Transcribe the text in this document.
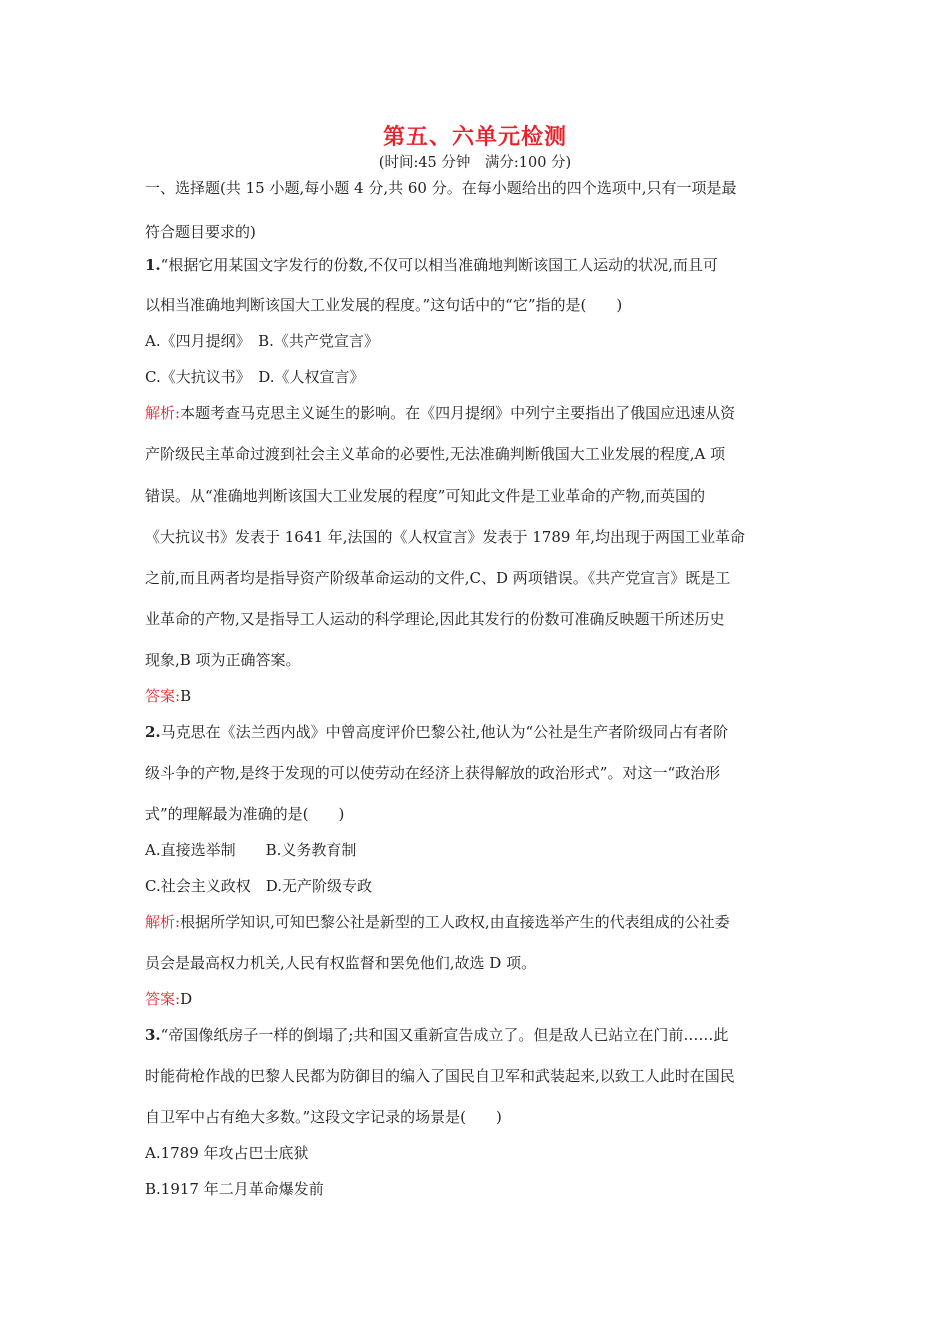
第五、六单元检测
(时间:45 分钟　满分:100 分)
一、选择题(共 15 小题,每小题 4 分,共 60 分。在每小题给出的四个选项中,只有一项是最
符合题目要求的)
1.“根据它用某国文字发行的份数,不仅可以相当准确地判断该国工人运动的状况,而且可
以相当准确地判断该国大工业发展的程度。”这句话中的“它”指的是(　　)
A.《四月提纲》　B.《共产党宣言》
C.《大抗议书》　D.《人权宣言》
解析:本题考查马克思主义诞生的影响。在《四月提纲》中列宁主要指出了俄国应迅速从资
产阶级民主革命过渡到社会主义革命的必要性,无法准确判断俄国大工业发展的程度,A 项
错误。从“准确地判断该国大工业发展的程度”可知此文件是工业革命的产物,而英国的
《大抗议书》发表于 1641 年,法国的《人权宣言》发表于 1789 年,均出现于两国工业革命
之前,而且两者均是指导资产阶级革命运动的文件,C、D 两项错误。《共产党宣言》既是工
业革命的产物,又是指导工人运动的科学理论,因此其发行的份数可准确反映题干所述历史
现象,B 项为正确答案。
答案:B
2.马克思在《法兰西内战》中曾高度评价巴黎公社,他认为“公社是生产者阶级同占有者阶
级斗争的产物,是终于发现的可以使劳动在经济上获得解放的政治形式”。对这一“政治形
式”的理解最为准确的是(　　)
A.直接选举制　　B.义务教育制
C.社会主义政权　D.无产阶级专政
解析:根据所学知识,可知巴黎公社是新型的工人政权,由直接选举产生的代表组成的公社委
员会是最高权力机关,人民有权监督和罢免他们,故选 D 项。
答案:D
3.“帝国像纸房子一样的倒塌了;共和国又重新宣告成立了。但是敌人已站立在门前……此
时能荷枪作战的巴黎人民都为防御目的编入了国民自卫军和武装起来,以致工人此时在国民
自卫军中占有绝大多数。”这段文字记录的场景是(　　)
A.1789 年攻占巴士底狱
B.1917 年二月革命爆发前
